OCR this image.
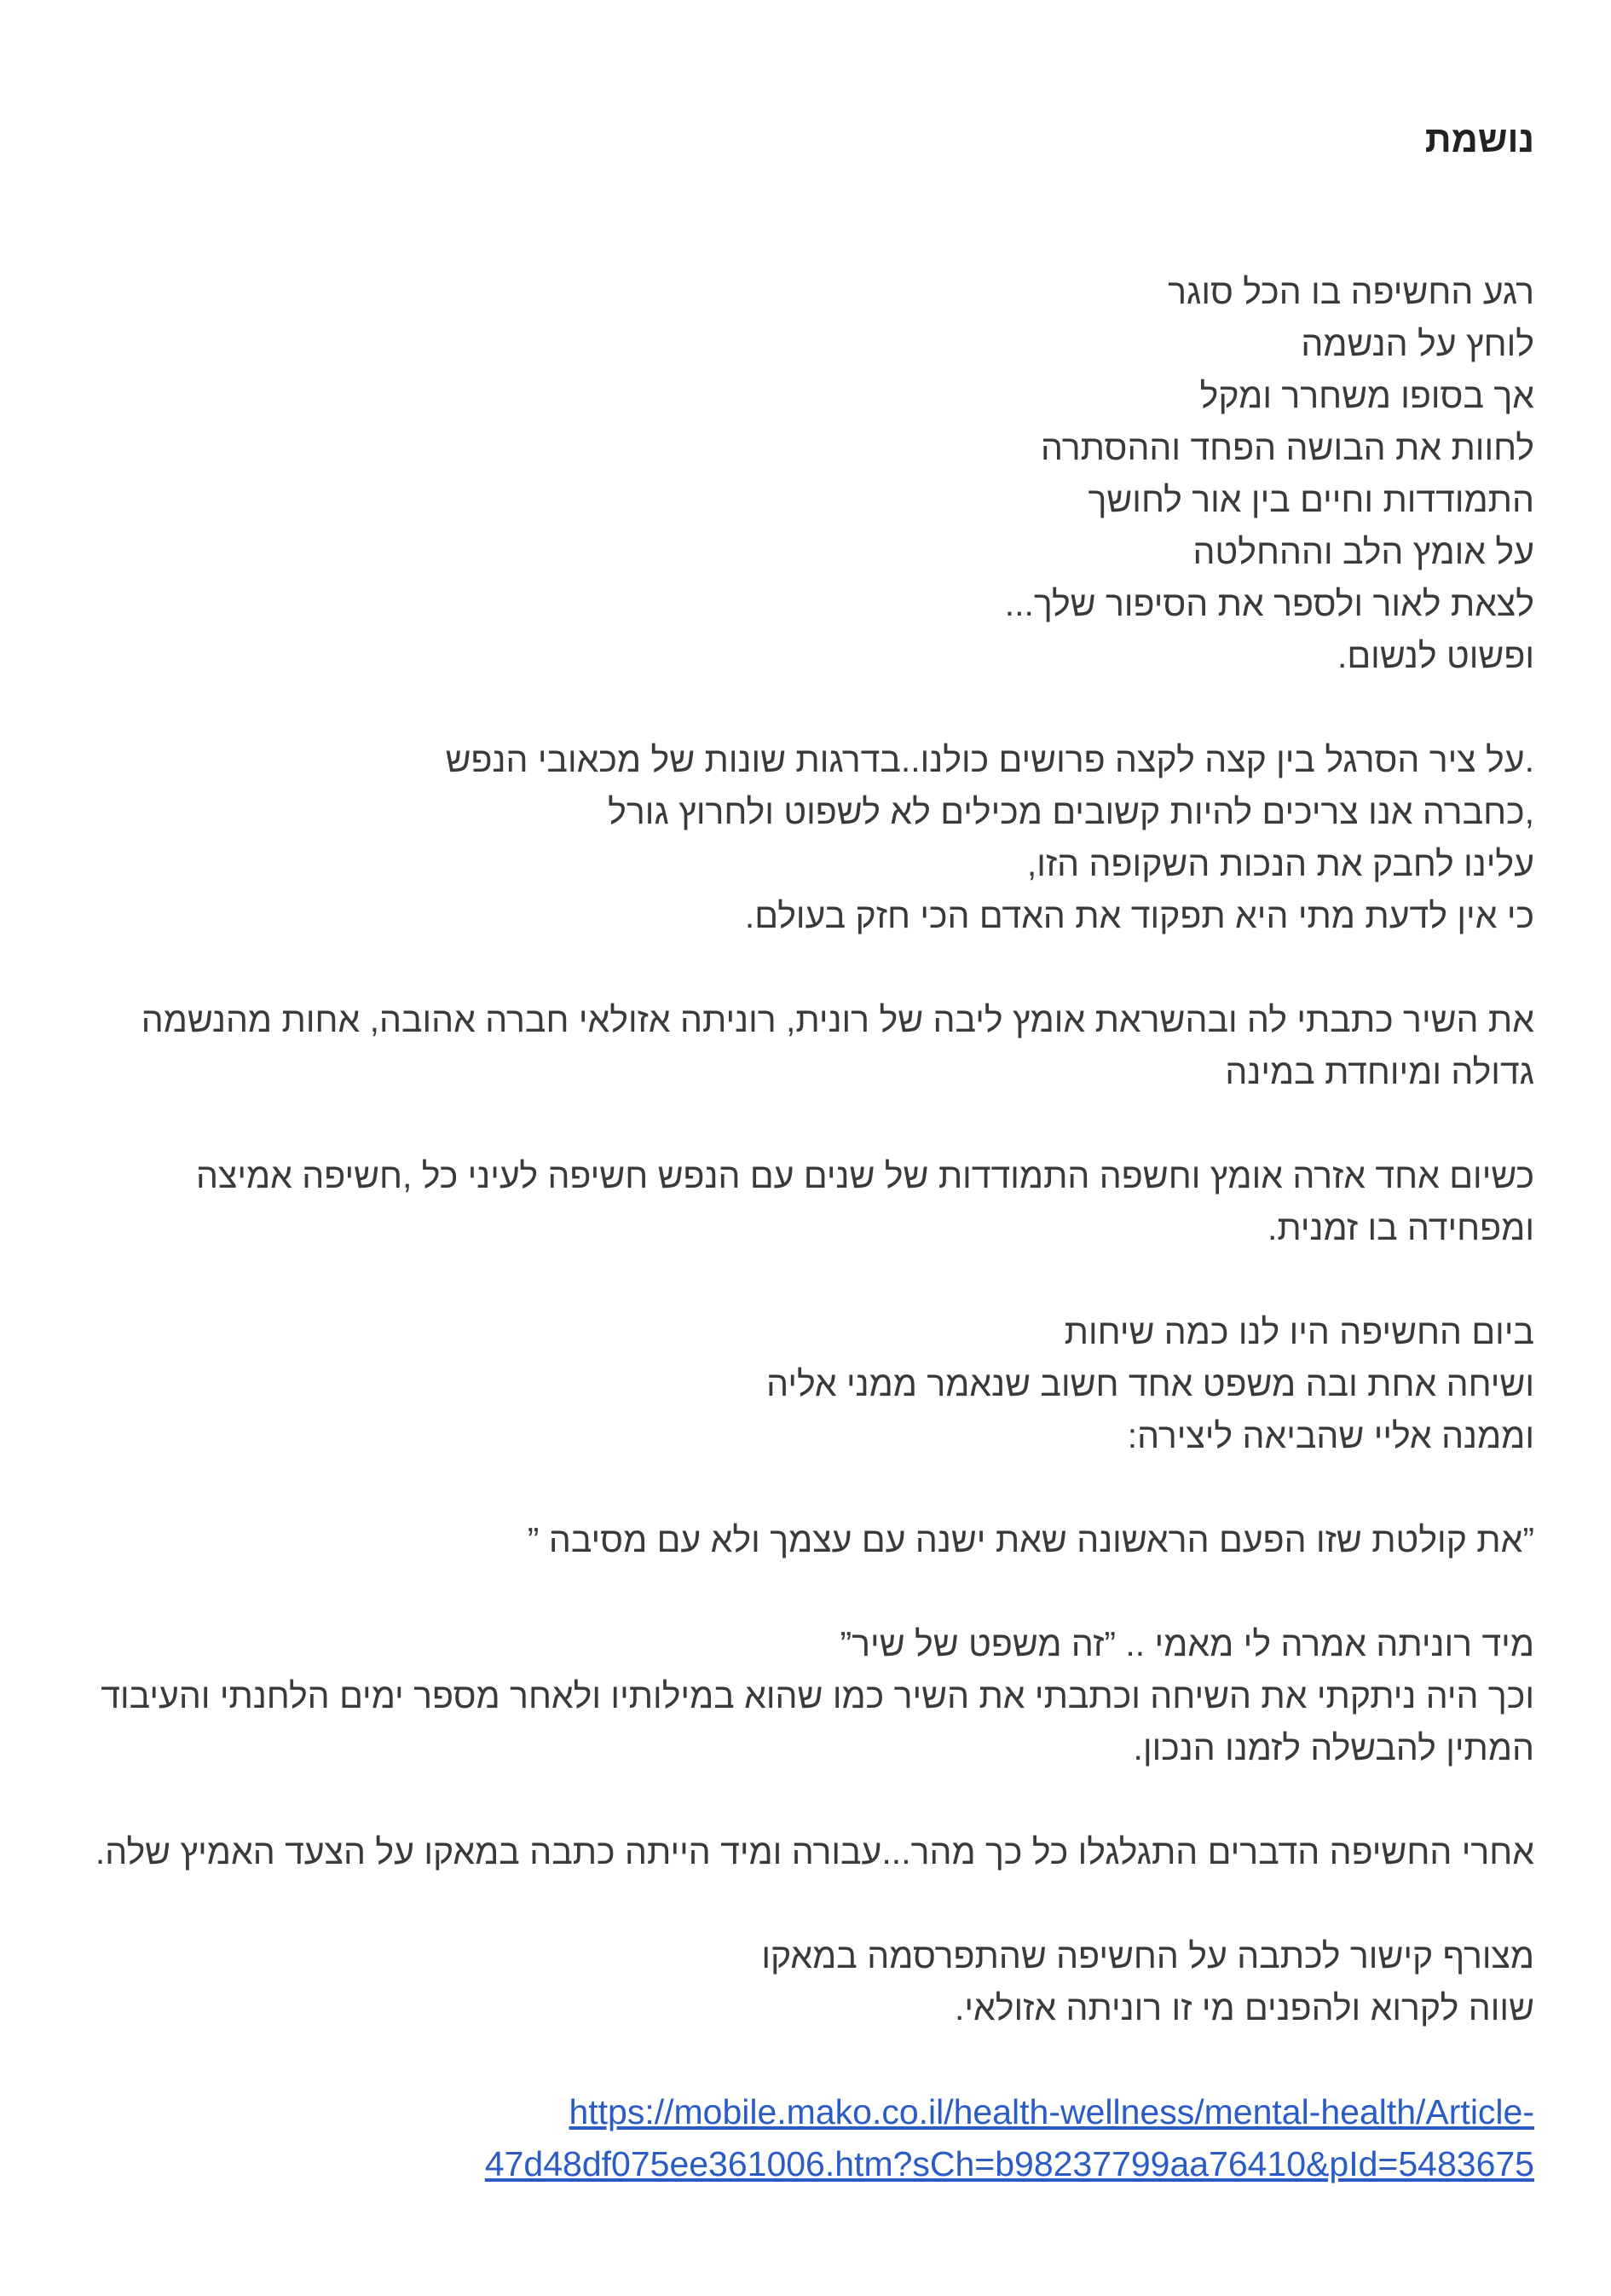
נושמת

רגע החשיפה בו הכל סוגר
לוחץ על הנשמה
אך בסופו משחרר ומקל
לחוות את הבושה הפחד וההסתרה
התמודדות וחיים בין אור לחושך
על אומץ הלב וההחלטה
לצאת לאור ולספר את הסיפור שלך...
ופשוט לנשום.

.על ציר הסרגל בין קצה לקצה פרושים כולנו..בדרגות שונות של מכאובי הנפש
,כחברה אנו צריכים להיות קשובים מכילים לא לשפוט ולחרוץ גורל
עלינו לחבק את הנכות השקופה הזו,
כי אין לדעת מתי היא תפקוד את האדם הכי חזק בעולם.

את השיר כתבתי לה ובהשראת אומץ ליבה של רונית, רוניתה אזולאי חברה אהובה, אחות מהנשמה גדולה ומיוחדת במינה

כשיום אחד אזרה אומץ וחשפה התמודדות של שנים עם הנפש חשיפה לעיני כל ,חשיפה אמיצה ומפחידה בו זמנית.

ביום החשיפה היו לנו כמה שיחות
ושיחה אחת ובה משפט אחד חשוב שנאמר ממני אליה
וממנה אליי שהביאה ליצירה:

”את קולטת שזו הפעם הראשונה שאת ישנה עם עצמך ולא עם מסיבה ”

מיד רוניתה אמרה לי מאמי .. ”זה משפט של שיר”
וכך היה ניתקתי את השיחה וכתבתי את השיר כמו שהוא במילותיו ולאחר מספר ימים הלחנתי והעיבוד המתין להבשלה לזמנו הנכון.

אחרי החשיפה הדברים התגלגלו כל כך מהר...עבורה ומיד הייתה כתבה במאקו על הצעד האמיץ שלה.

מצורף קישור לכתבה על החשיפה שהתפרסמה במאקו
שווה לקרוא ולהפנים מי זו רוניתה אזולאי.

https://mobile.mako.co.il/health-wellness/mental-health/Article-
47d48df075ee361006.htm?sCh=b98237799aa76410&pId=5483675
